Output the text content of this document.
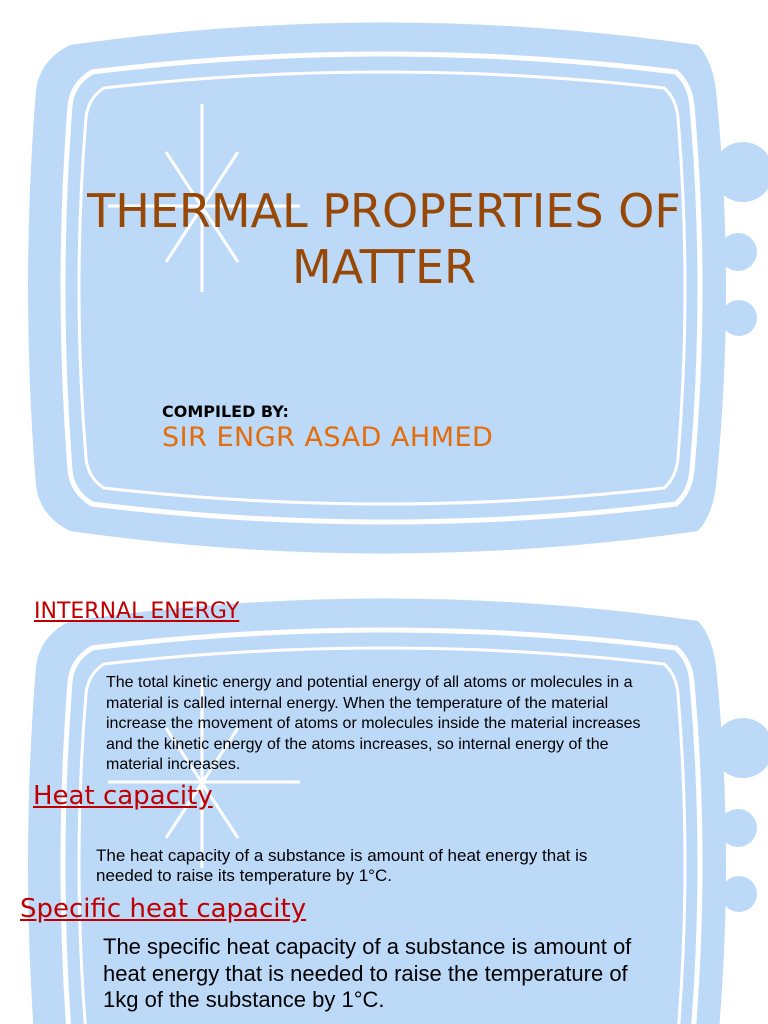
THERMAL PROPERTIES OF
MATTER
COMPILED BY:
SIR ENGR ASAD AHMED
INTERNAL ENERGY

The total kinetic energy and potential energy of all atoms or molecules in a material is called internal energy. When the temperature of the material increase the movement of atoms or molecules inside the material increases and the kinetic energy of the atoms increases, so internal energy of the material increases.

Heat capacity

The heat capacity of a substance is amount of heat energy that is needed to raise its temperature by 1°C.

Specific heat capacity

The specific heat capacity of a substance is amount of heat energy that is needed to raise the temperature of 1kg of the substance by 1°C.
